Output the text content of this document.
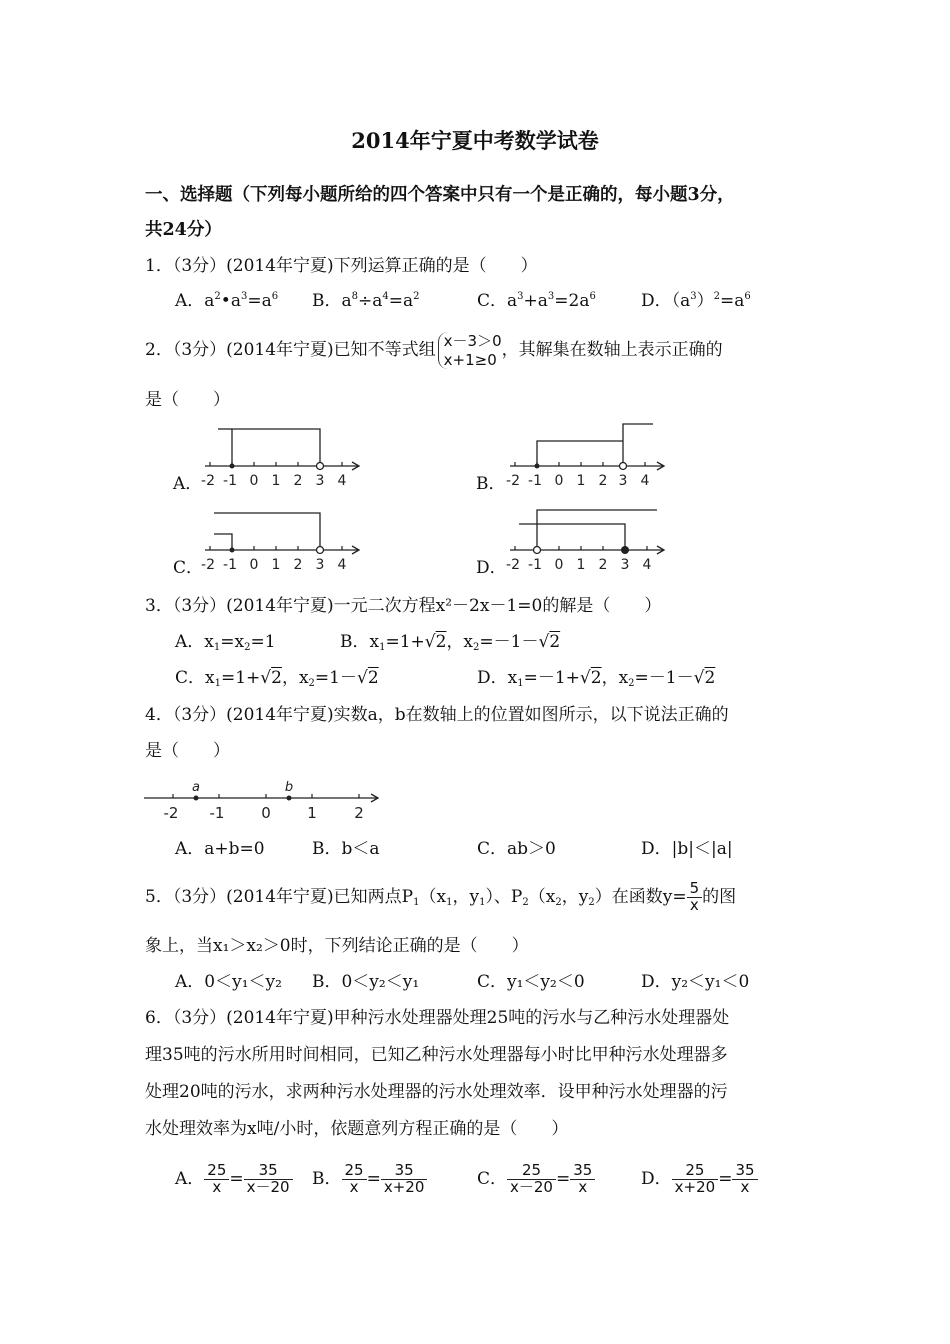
2014年宁夏中考数学试卷
一、选择题（下列每小题所给的四个答案中只有一个是正确的，每小题3分，
共24分）
1．（3分）(2014年宁夏)下列运算正确的是（　　）
A．$a^2•a^3=a^6$ B．$a^8\div a^4=a^2$	C．$a^3+a^3=2a^6$	D．$(a^3)^2=a^6$
2．（3分）(2014年宁夏)已知不等式组 x－3＞0
x+1≥0 ，其解集在数轴上表示正确的
是（　　）
A．	B．
C．	D．
-2 -1 0 1 2 3 4	-2 -1 0 1 2 3 4
-2 -1 0 1 2 3 4	-2 -1 0 1 2 3 4
3．（3分）(2014年宁夏)一元二次方程x²－2x－1=0的解是（　　）
A．$x_1=x_2=1$	B．$x_1=1+√2$，$x_2=-1-√2$
C．$x_1=1+√2$，$x_2=1-√2$	D．$x_1=-1+√2$，$x_2=-1-√2$
4．（3分）(2014年宁夏)实数a，b在数轴上的位置如图所示，以下说法正确的
是（　　）
a	b
-2 -1 0 1 2
A．a+b=0	B．b＜a	C．ab＞0	D．|b|＜|a|
5．（3分）(2014年宁夏)已知两点$P_1(x_1$，$y_1$）、$P_2(x_2$，$y_2$）在函数$y= \frac{5}{x}$ 的图
象上，当x₁＞x₂＞0时，下列结论正确的是（　　）
A．0＜y₁＜y₂ B．0＜y₂＜y₁	C．y₁＜y₂＜0	D．y₂＜y₁＜0
6．（3分）(2014年宁夏)甲种污水处理器处理25吨的污水与乙种污水处理器处
理35吨的污水所用时间相同，已知乙种污水处理器每小时比甲种污水处理器多
处理20吨的污水，求两种污水处理器的污水处理效率．设甲种污水处理器的污
水处理效率为x吨/小时，依题意列方程正确的是（　　）
A． $\frac{25}{x} = \frac{35}{x-20}$ B． $\frac{25}{x} = \frac{35}{x+20}$	C． $\frac{25}{x-20} = \frac{35}{x}$	D． $\frac{25}{x+20} = \frac{35}{x}$
